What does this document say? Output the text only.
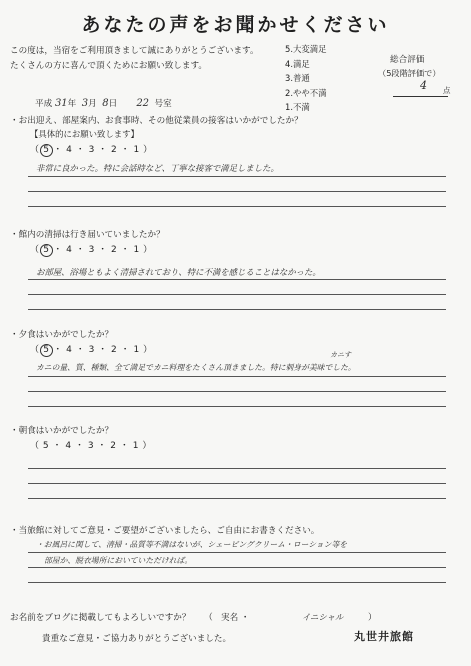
あなたの声をお聞かせください
この度は，当宿をご利用頂きまして誠にありがとうございます。
たくさんの方に喜んで頂くためにお願い致します。
5.大変満足
4.満足
3.普通
2.やや不満
1.不満
総合評価
（5段階評価で）
4 点
平成 31年 3月 8日 22 号室
・お出迎え、部屋案内、お食事時、その他従業員の接客はいかがでしたか？
【具体的にお願い致します】
（ 5 ・ 4 ・ 3 ・ 2 ・ 1 ）
非常に良かった。特に会話時など、丁寧な接客で満足しました。
・館内の清掃は行き届いていましたか？
（ 5 ・ 4 ・ 3 ・ 2 ・ 1 ）
お部屋、浴場ともよく清掃されており、特に不満を感じることはなかった。
・夕食はいかがでしたか？
（ 5 ・ 4 ・ 3 ・ 2 ・ 1 ）	カニす
カニの量、質、種類、全て満足でカニ料理をたくさん頂きました。特に刺身が美味でした。
・朝食はいかがでしたか？
（ 5 ・ 4 ・ 3 ・ 2 ・ 1 ）
・当旅館に対してご意見・ご要望がございましたら、ご自由にお書きください。
・お風呂に関して、清掃・品質等不満はないが、シェービングクリーム・ローション等を
部屋か、脱衣場所においていただければ。
お名前をブログに掲載してもよろしいですか？ （ 実名 ・	イニシャル	）
貴重なご意見・ご協力ありがとうございました。	丸世井旅館
